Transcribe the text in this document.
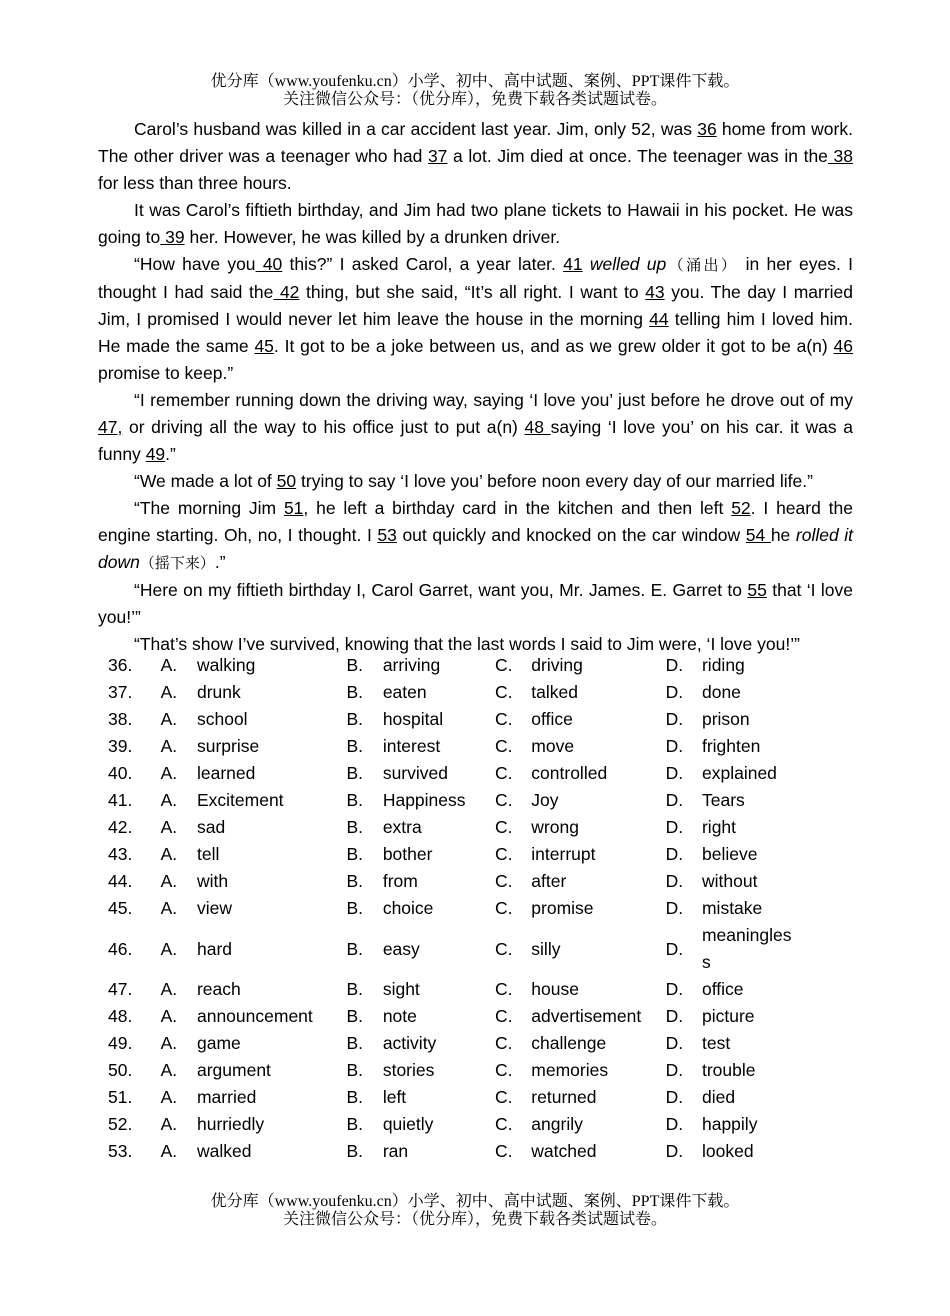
优分库（www.youfenku.cn）小学、初中、高中试题、案例、PPT课件下载。
关注微信公众号：（优分库），免费下载各类试题试卷。

Carol’s husband was killed in a car accident last year. Jim, only 52, was 36 home from work. The other driver was a teenager who had 37 a lot. Jim died at once. The teenager was in the 38 for less than three hours.

It was Carol’s fiftieth birthday, and Jim had two plane tickets to Hawaii in his pocket. He was going to 39 her. However, he was killed by a drunken driver.

“How have you 40 this?” I asked Carol, a year later. 41 welled up（涌出） in her eyes. I thought I had said the 42 thing, but she said, “It’s all right. I want to 43 you. The day I married Jim, I promised I would never let him leave the house in the morning 44 telling him I loved him. He made the same 45. It got to be a joke between us, and as we grew older it got to be a(n) 46 promise to keep.”

“I remember running down the driving way, saying ‘I love you’ just before he drove out of my 47, or driving all the way to his office just to put a(n) 48 saying ‘I love you’ on his car. it was a funny 49.”

“We made a lot of 50 trying to say ‘I love you’ before noon every day of our married life.”

“The morning Jim 51, he left a birthday card in the kitchen and then left 52. I heard the engine starting. Oh, no, I thought. I 53 out quickly and knocked on the car window 54 he rolled it down（摇下来）.”

“Here on my fiftieth birthday I, Carol Garret, want you, Mr. James. E. Garret to 55 that ‘I love you!’”

“That’s show I’ve survived, knowing that the last words I said to Jim were, ‘I love you!’”

36.	A.	walking	B.	arriving	C.	driving	D.	riding
37.	A.	drunk	B.	eaten	C.	talked	D.	done
38.	A.	school	B.	hospital	C.	office	D.	prison
39.	A.	surprise	B.	interest	C.	move	D.	frighten
40.	A.	learned	B.	survived	C.	controlled	D.	explained
41.	A.	Excitement	B.	Happiness	C.	Joy	D.	Tears
42.	A.	sad	B.	extra	C.	wrong	D.	right
43.	A.	tell	B.	bother	C.	interrupt	D.	believe
44.	A.	with	B.	from	C.	after	D.	without
45.	A.	view	B.	choice	C.	promise	D.	mistake
46.	A.	hard	B.	easy	C.	silly	D.	meaningless
47.	A.	reach	B.	sight	C.	house	D.	office
48.	A.	announcement	B.	note	C.	advertisement	D.	picture
49.	A.	game	B.	activity	C.	challenge	D.	test
50.	A.	argument	B.	stories	C.	memories	D.	trouble
51.	A.	married	B.	left	C.	returned	D.	died
52.	A.	hurriedly	B.	quietly	C.	angrily	D.	happily
53.	A.	walked	B.	ran	C.	watched	D.	looked
优分库（www.youfenku.cn）小学、初中、高中试题、案例、PPT课件下载。
关注微信公众号：（优分库），免费下载各类试题试卷。
